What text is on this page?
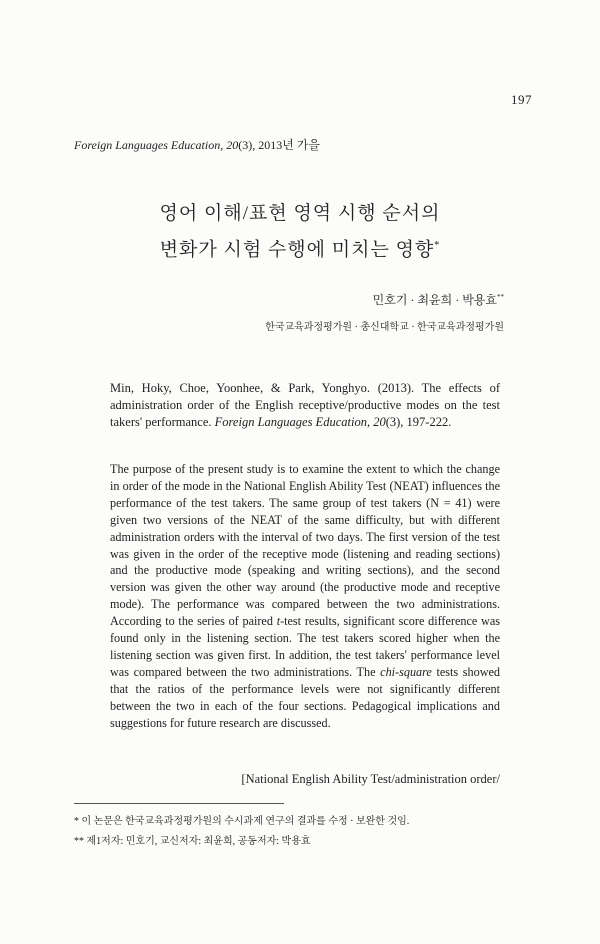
197
Foreign Languages Education, 20(3), 2013년 가을
영어 이해/표현 영역 시행 순서의
변화가 시험 수행에 미치는 영향*
민호기 · 최윤희 · 박용효**
한국교육과정평가원 · 총신대학교 · 한국교육과정평가원
Min, Hoky, Choe, Yoonhee, & Park, Yonghyo. (2013). The effects of administration order of the English receptive/productive modes on the test takers' performance. Foreign Languages Education, 20(3), 197-222.
The purpose of the present study is to examine the extent to which the change in order of the mode in the National English Ability Test (NEAT) influences the performance of the test takers. The same group of test takers (N = 41) were given two versions of the NEAT of the same difficulty, but with different administration orders with the interval of two days. The first version of the test was given in the order of the receptive mode (listening and reading sections) and the productive mode (speaking and writing sections), and the second version was given the other way around (the productive mode and receptive mode). The performance was compared between the two administrations. According to the series of paired t-test results, significant score difference was found only in the listening section. The test takers scored higher when the listening section was given first. In addition, the test takers' performance level was compared between the two administrations. The chi-square tests showed that the ratios of the performance levels were not significantly different between the two in each of the four sections. Pedagogical implications and suggestions for future research are discussed.
[National English Ability Test/administration order/
* 이 논문은 한국교육과정평가원의 수시과제 연구의 결과를 수정 · 보완한 것임.
** 제1저자: 민호기, 교신저자: 최윤희, 공동저자: 박용효
